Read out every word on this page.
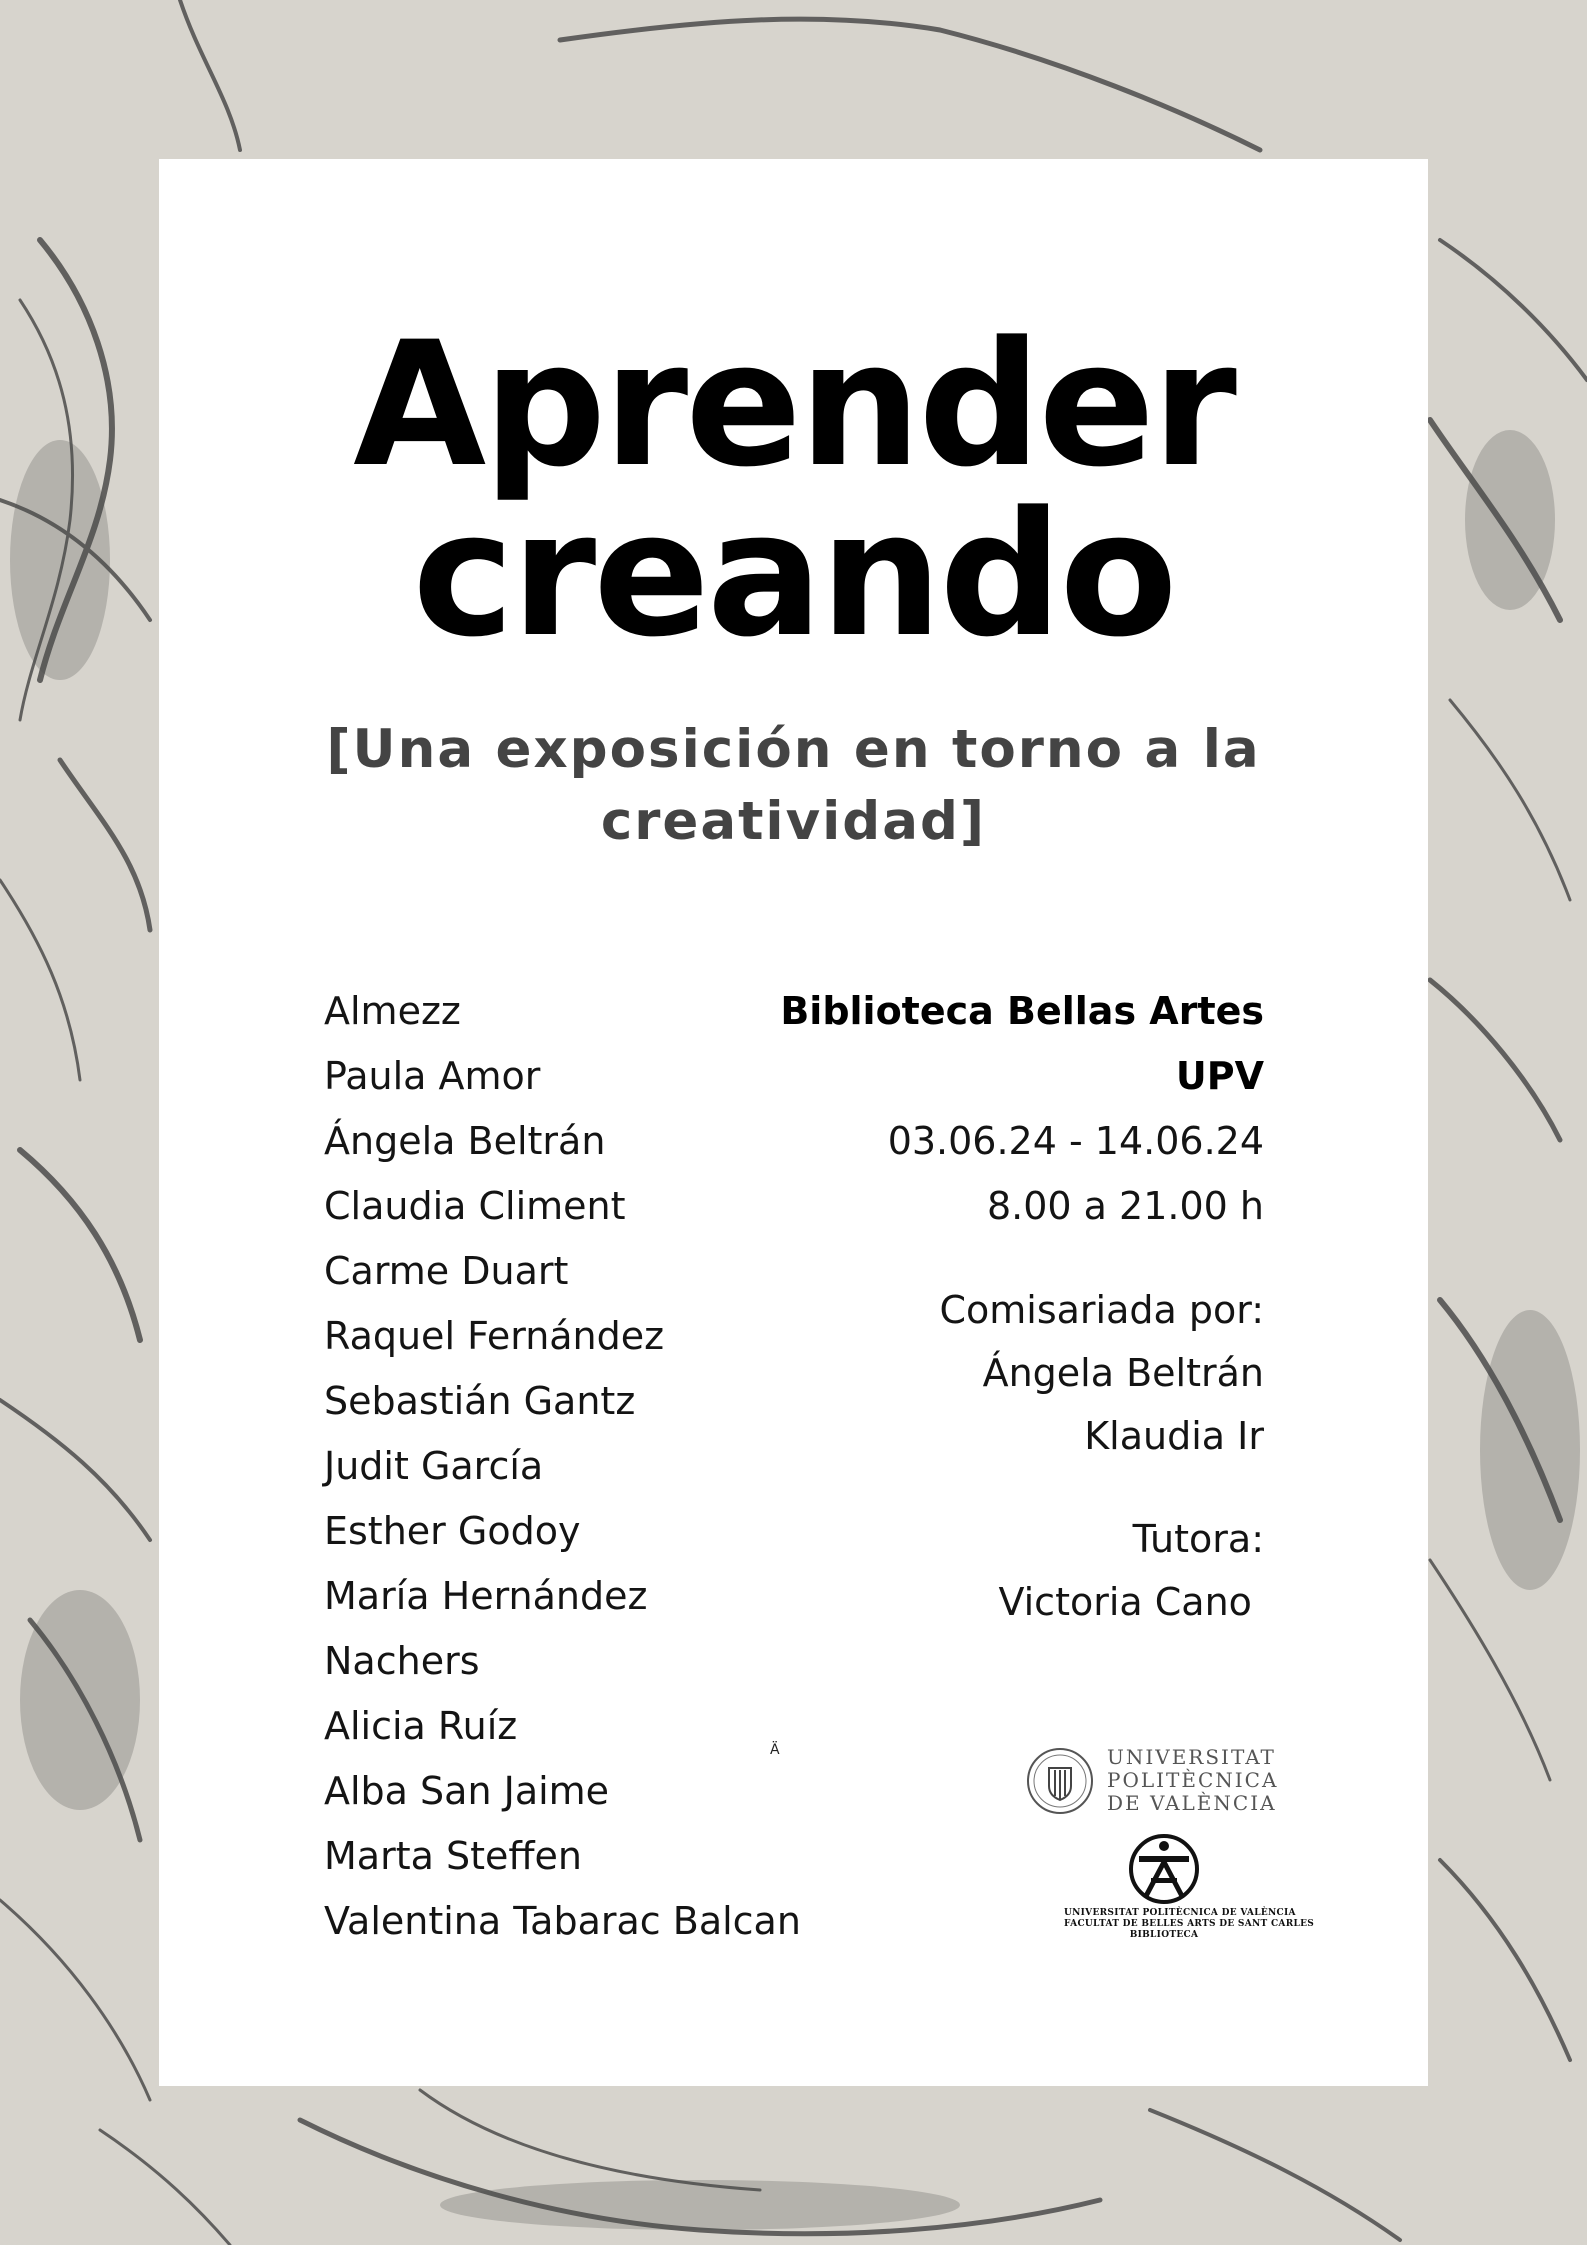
Aprender
creando
[Una exposición en torno a la
creatividad]
Almezz
Paula Amor
Ángela Beltrán
Claudia Climent
Carme Duart
Raquel Fernández
Sebastián Gantz
Judit García
Esther Godoy
María Hernández
Nachers
Alicia Ruíz
Alba San Jaime
Marta Steffen
Valentina Tabarac Balcan
Biblioteca Bellas Artes
UPV
03.06.24 - 14.06.24
8.00 a 21.00 h
Comisariada por:
Ángela Beltrán
Klaudia Ir
Tutora:
Victoria Cano
Ä	UNIVERSITAT
POLITÈCNICA
DE VALÈNCIA
UNIVERSITAT POLITÈCNICA DE VALÈNCIA
FACULTAT DE BELLES ARTS DE SANT CARLES
BIBLIOTECA
